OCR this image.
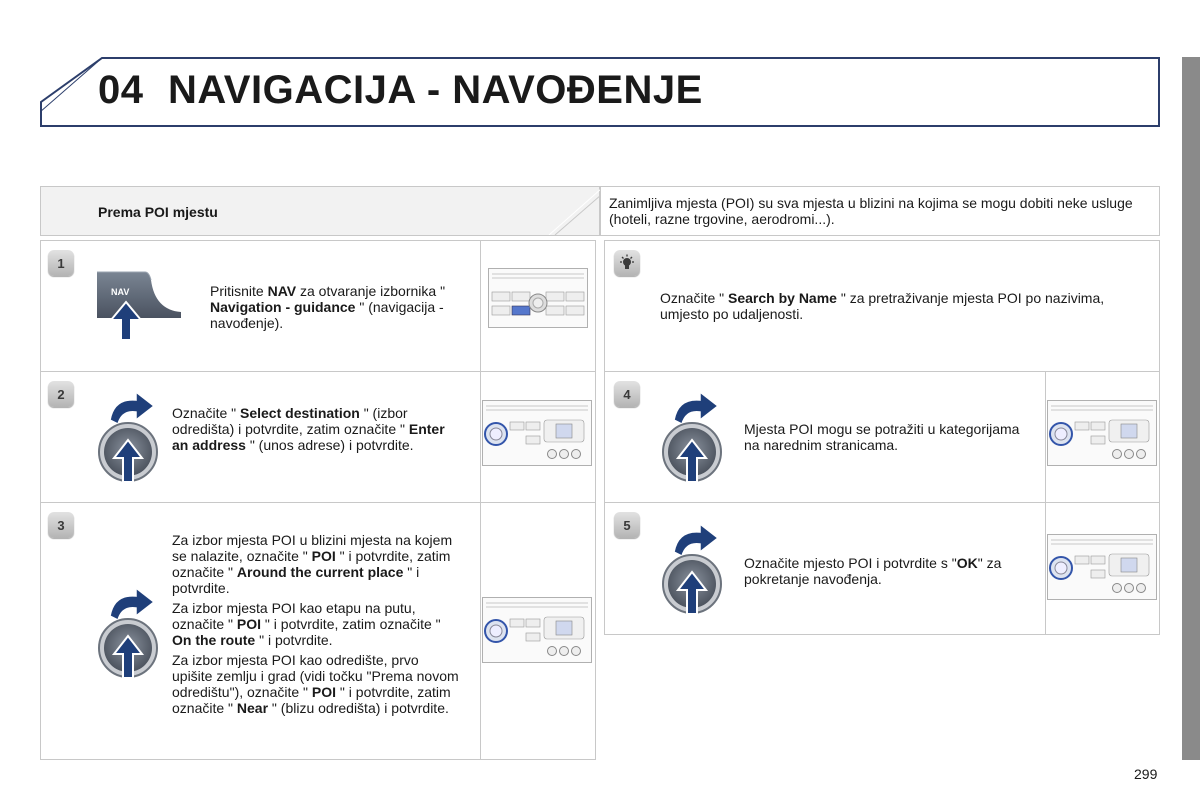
04 NAVIGACIJA - NAVOĐENJE
Prema POI mjestu
Zanimljiva mjesta (POI) su sva mjesta u blizini na kojima se mogu dobiti neke usluge (hoteli, razne trgovine, aerodromi...).
1
NAV	Pritisnite NAV za otvaranje izbornika " Navigation - guidance " (navigacija - navođenje).

2

Označite " Select destination " (izbor odredišta) i potvrdite, zatim označite " Enter an address " (unos adrese) i potvrdite.

3

Za izbor mjesta POI u blizini mjesta na kojem se nalazite, označite " POI " i potvrdite, zatim označite " Around the current place " i potvrdite.

Za izbor mjesta POI kao etapu na putu, označite " POI " i potvrdite, zatim označite " On the route " i potvrdite.

Za izbor mjesta POI kao odredište, prvo upišite zemlju i grad (vidi točku "Prema novom odredištu"), označite " POI " i potvrdite, zatim označite " Near " (blizu odredišta) i potvrdite.

Označite " Search by Name " za pretraživanje mjesta POI po nazivima, umjesto po udaljenosti.

4

Mjesta POI mogu se potražiti u kategorijama na narednim stranicama.

5

Označite mjesto POI i potvrdite s "OK" za pokretanje navođenja.

299
